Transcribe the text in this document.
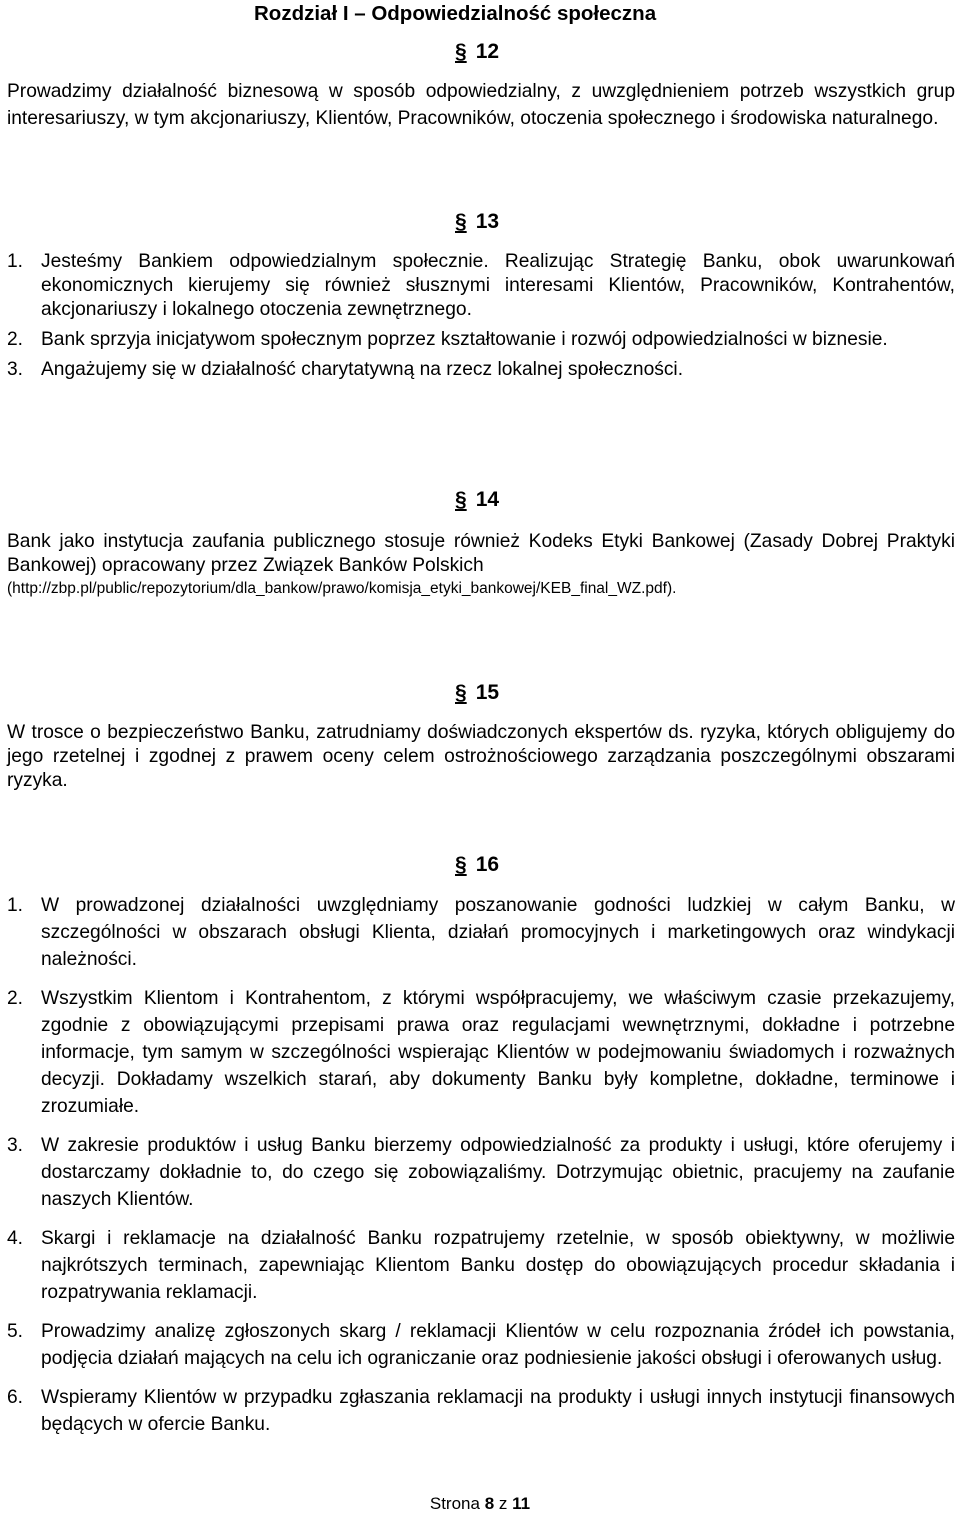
Rozdział I – Odpowiedzialność społeczna
§ 12

Prowadzimy działalność biznesową w sposób odpowiedzialny, z uwzględnieniem potrzeb wszystkich grup interesariuszy, w tym akcjonariuszy, Klientów, Pracowników, otoczenia społecznego i środowiska naturalnego.

§ 13
1. Jesteśmy Bankiem odpowiedzialnym społecznie. Realizując Strategię Banku, obok uwarunkowań ekonomicznych kierujemy się również słusznymi interesami Klientów, Pracowników, Kontrahentów, akcjonariuszy i lokalnego otoczenia zewnętrznego.
2. Bank sprzyja inicjatywom społecznym poprzez kształtowanie i rozwój odpowiedzialności w biznesie.
3. Angażujemy się w działalność charytatywną na rzecz lokalnej społeczności.
§ 14

Bank jako instytucja zaufania publicznego stosuje również Kodeks Etyki Bankowej (Zasady Dobrej Praktyki Bankowej) opracowany przez Związek Banków Polskich
(http://zbp.pl/public/repozytorium/dla_bankow/prawo/komisja_etyki_bankowej/KEB_final_WZ.pdf).

§ 15

W trosce o bezpieczeństwo Banku, zatrudniamy doświadczonych ekspertów ds. ryzyka, których obligujemy do jego rzetelnej i zgodnej z prawem oceny celem ostrożnościowego zarządzania poszczególnymi obszarami ryzyka.

§ 16
1. W prowadzonej działalności uwzględniamy poszanowanie godności ludzkiej w całym Banku, w szczególności w obszarach obsługi Klienta, działań promocyjnych i marketingowych oraz windykacji należności.
2. Wszystkim Klientom i Kontrahentom, z którymi współpracujemy, we właściwym czasie przekazujemy, zgodnie z obowiązującymi przepisami prawa oraz regulacjami wewnętrznymi, dokładne i potrzebne informacje, tym samym w szczególności wspierając Klientów w podejmowaniu świadomych i rozważnych decyzji. Dokładamy wszelkich starań, aby dokumenty Banku były kompletne, dokładne, terminowe i zrozumiałe.
3. W zakresie produktów i usług Banku bierzemy odpowiedzialność za produkty i usługi, które oferujemy i dostarczamy dokładnie to, do czego się zobowiązaliśmy. Dotrzymując obietnic, pracujemy na zaufanie naszych Klientów.
4. Skargi i reklamacje na działalność Banku rozpatrujemy rzetelnie, w sposób obiektywny, w możliwie najkrótszych terminach, zapewniając Klientom Banku dostęp do obowiązujących procedur składania i rozpatrywania reklamacji.
5. Prowadzimy analizę zgłoszonych skarg / reklamacji Klientów w celu rozpoznania źródeł ich powstania, podjęcia działań mających na celu ich ograniczanie oraz podniesienie jakości obsługi i oferowanych usług.
6. Wspieramy Klientów w przypadku zgłaszania reklamacji na produkty i usługi innych instytucji finansowych będących w ofercie Banku.
Strona 8 z 11
